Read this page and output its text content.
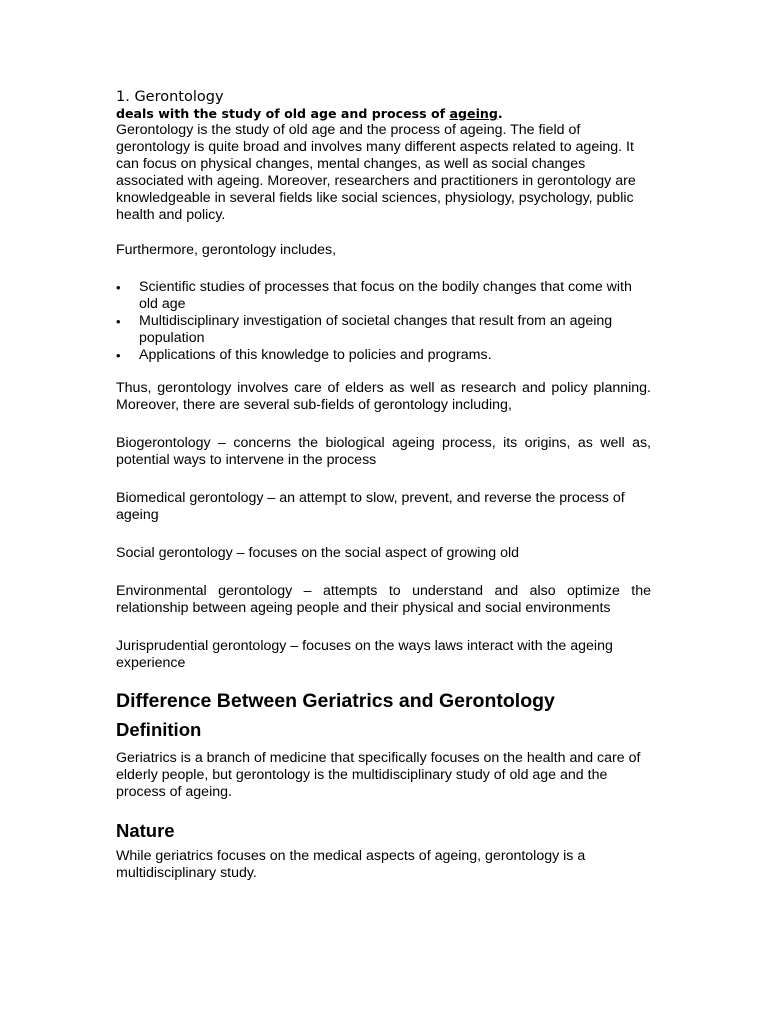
1. Gerontology

deals with the study of old age and process of ageing.

Gerontology is the study of old age and the process of ageing. The field of gerontology is quite broad and involves many different aspects related to ageing. It can focus on physical changes, mental changes, as well as social changes associated with ageing. Moreover, researchers and practitioners in gerontology are knowledgeable in several fields like social sciences, physiology, psychology, public health and policy.

Furthermore, gerontology includes,

•	Scientific studies of processes that focus on the bodily changes that come with old age
•	Multidisciplinary investigation of societal changes that result from an ageing population
•	Applications of this knowledge to policies and programs.

Thus, gerontology involves care of elders as well as research and policy planning. Moreover, there are several sub-fields of gerontology including,

Biogerontology – concerns the biological ageing process, its origins, as well as, potential ways to intervene in the process

Biomedical gerontology – an attempt to slow, prevent, and reverse the process of ageing

Social gerontology – focuses on the social aspect of growing old

Environmental gerontology – attempts to understand and also optimize the relationship between ageing people and their physical and social environments

Jurisprudential gerontology – focuses on the ways laws interact with the ageing experience

Difference Between Geriatrics and Gerontology
Definition

Geriatrics is a branch of medicine that specifically focuses on the health and care of elderly people, but gerontology is the multidisciplinary study of old age and the process of ageing.

Nature

While geriatrics focuses on the medical aspects of ageing, gerontology is a multidisciplinary study.
